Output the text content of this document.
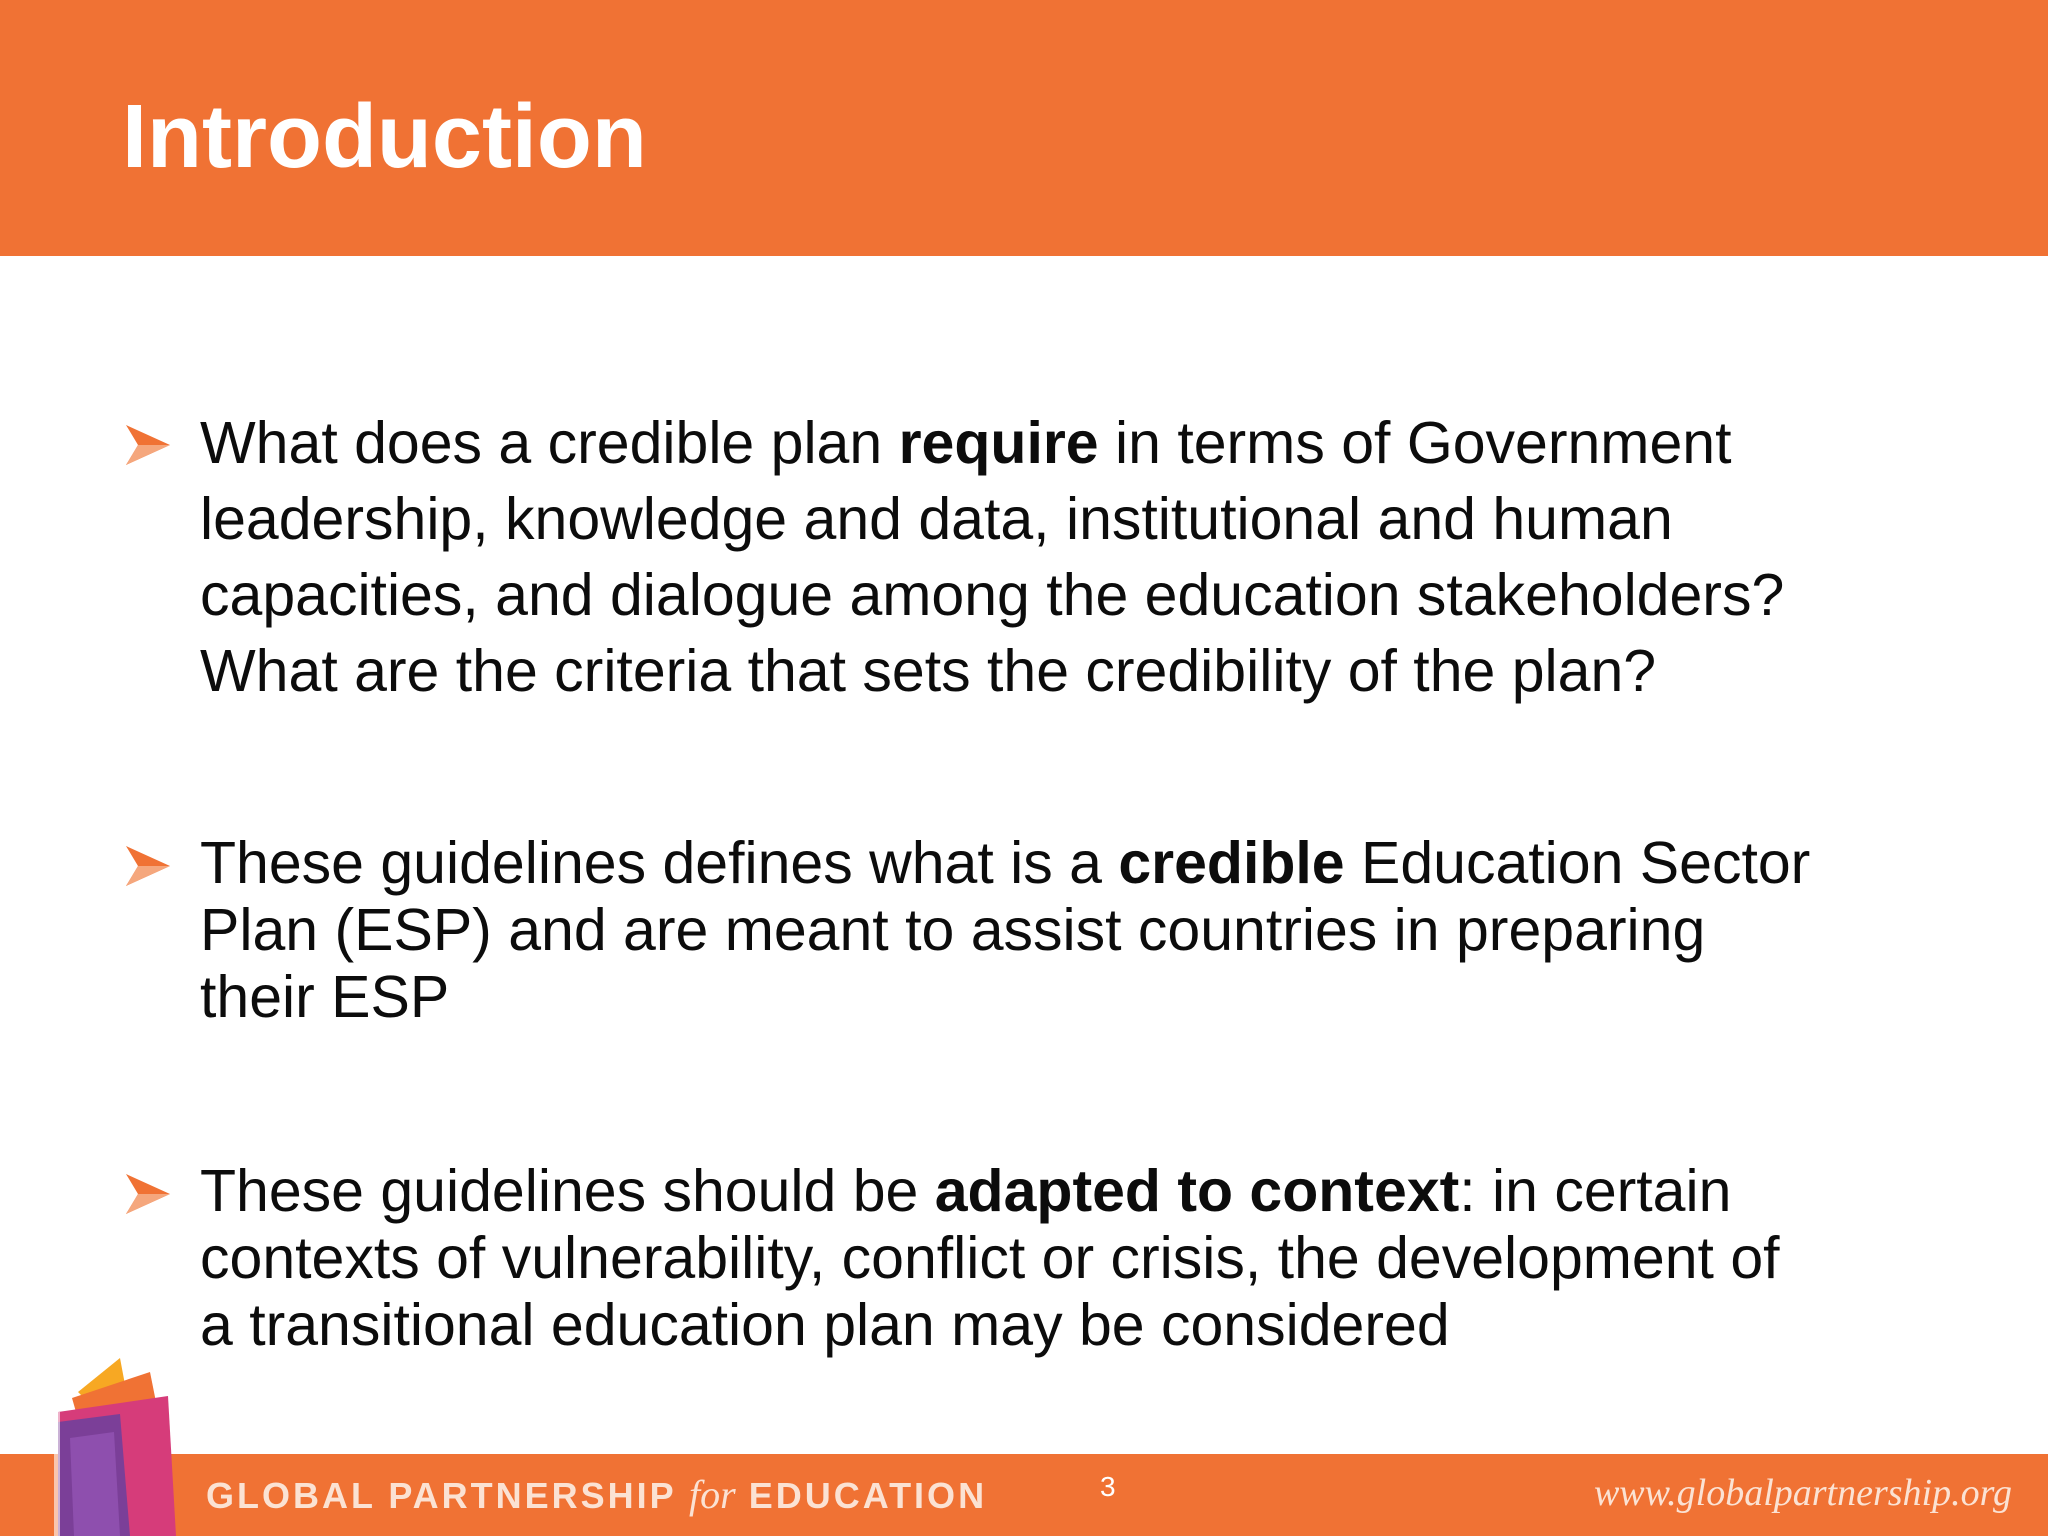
Introduction

What does a credible plan require in terms of Government
leadership, knowledge and data, institutional and human
capacities, and dialogue among the education stakeholders?
What are the criteria that sets the credibility of the plan?

These guidelines defines what is a credible Education Sector
Plan (ESP) and are meant to assist countries in preparing
their ESP

These guidelines should be adapted to context: in certain
contexts of vulnerability, conflict or crisis, the development of
a transitional education plan may be considered

GLOBAL PARTNERSHIP for EDUCATION	3	www.globalpartnership.org
